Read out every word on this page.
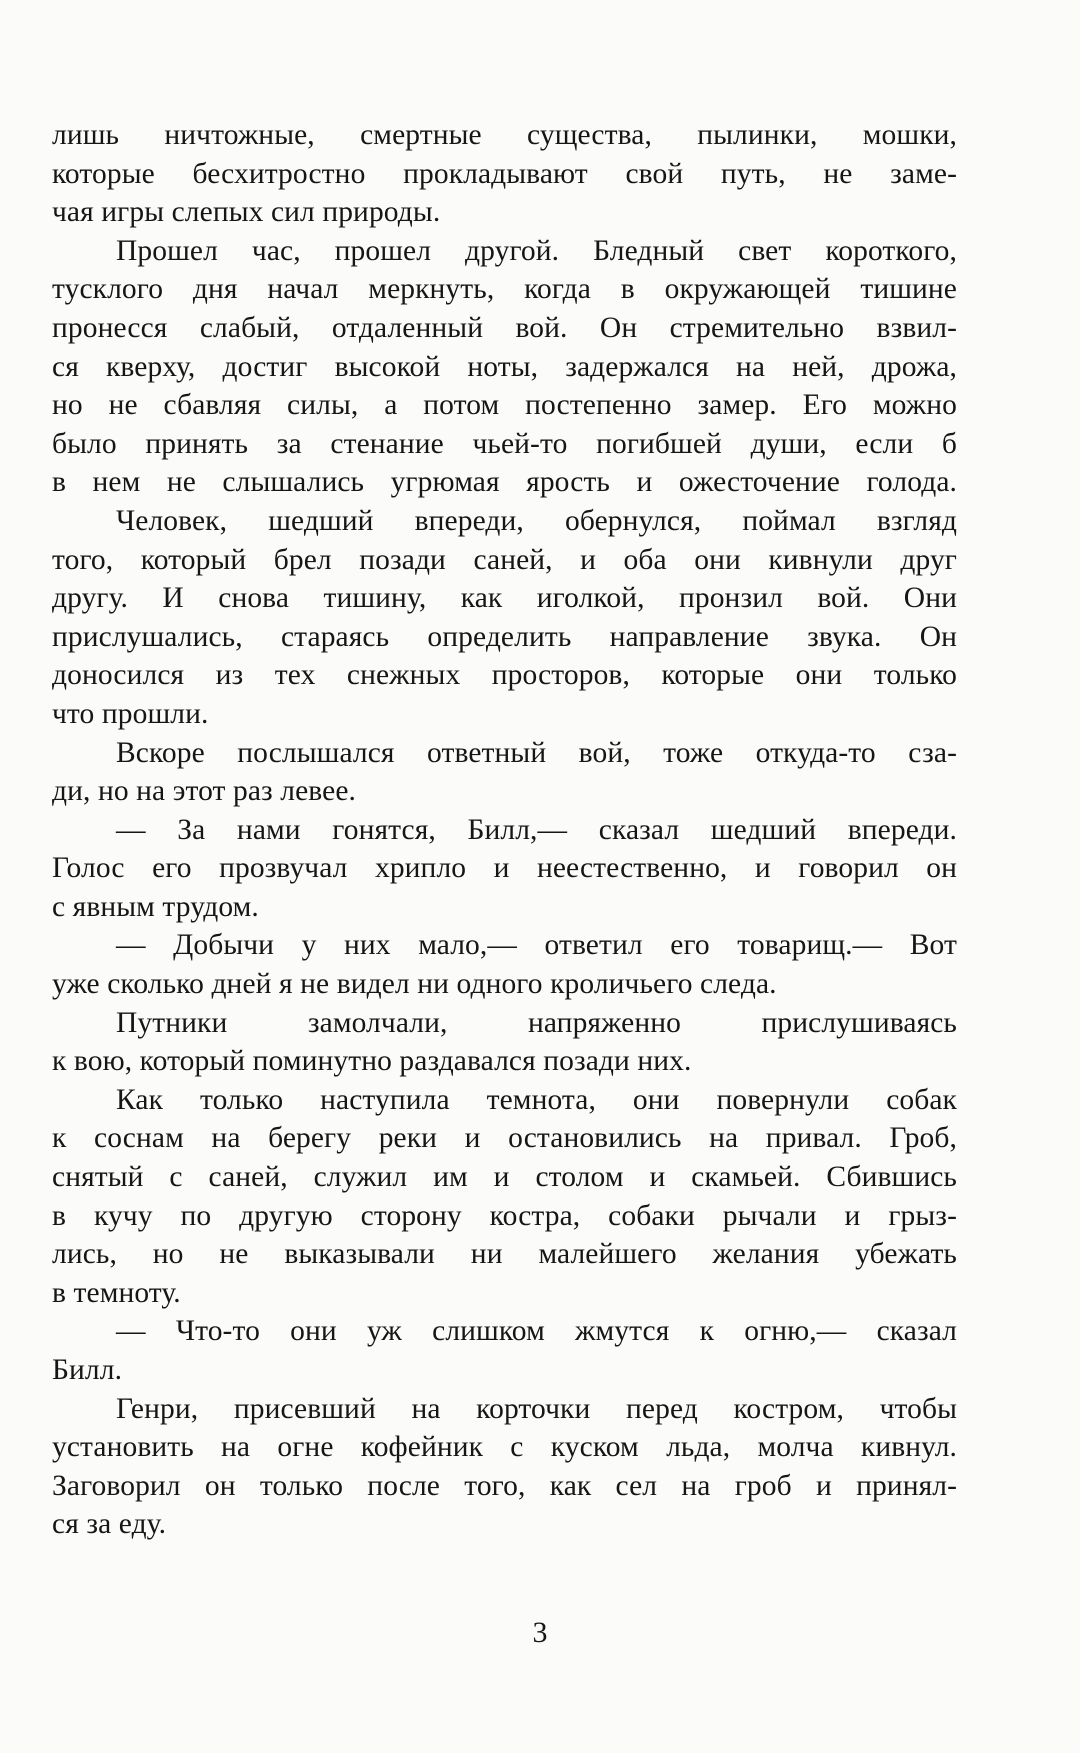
лишь ничтожные, смертные существа, пылинки, мошки,
которые бесхитростно прокладывают свой путь, не заме-
чая игры слепых сил природы.
Прошел час, прошел другой. Бледный свет короткого,
тусклого дня начал меркнуть, когда в окружающей тишине
пронесся слабый, отдаленный вой. Он стремительно взвил-
ся кверху, достиг высокой ноты, задержался на ней, дрожа,
но не сбавляя силы, а потом постепенно замер. Его можно
было принять за стенание чьей-то погибшей души, если б
в нем не слышались угрюмая ярость и ожесточение голода.
Человек, шедший впереди, обернулся, поймал взгляд
того, который брел позади саней, и оба они кивнули друг
другу. И снова тишину, как иголкой, пронзил вой. Они
прислушались, стараясь определить направление звука. Он
доносился из тех снежных просторов, которые они только
что прошли.
Вскоре послышался ответный вой, тоже откуда-то сза-
ди, но на этот раз левее.
— За нами гонятся, Билл,— сказал шедший впереди.
Голос его прозвучал хрипло и неестественно, и говорил он
с явным трудом.
— Добычи у них мало,— ответил его товарищ.— Вот
уже сколько дней я не видел ни одного кроличьего следа.
Путники замолчали, напряженно прислушиваясь
к вою, который поминутно раздавался позади них.
Как только наступила темнота, они повернули собак
к соснам на берегу реки и остановились на привал. Гроб,
снятый с саней, служил им и столом и скамьей. Сбившись
в кучу по другую сторону костра, собаки рычали и грыз-
лись, но не выказывали ни малейшего желания убежать
в темноту.
— Что-то они уж слишком жмутся к огню,— сказал
Билл.
Генри, присевший на корточки перед костром, чтобы
установить на огне кофейник с куском льда, молча кивнул.
Заговорил он только после того, как сел на гроб и принял-
ся за еду.
3
